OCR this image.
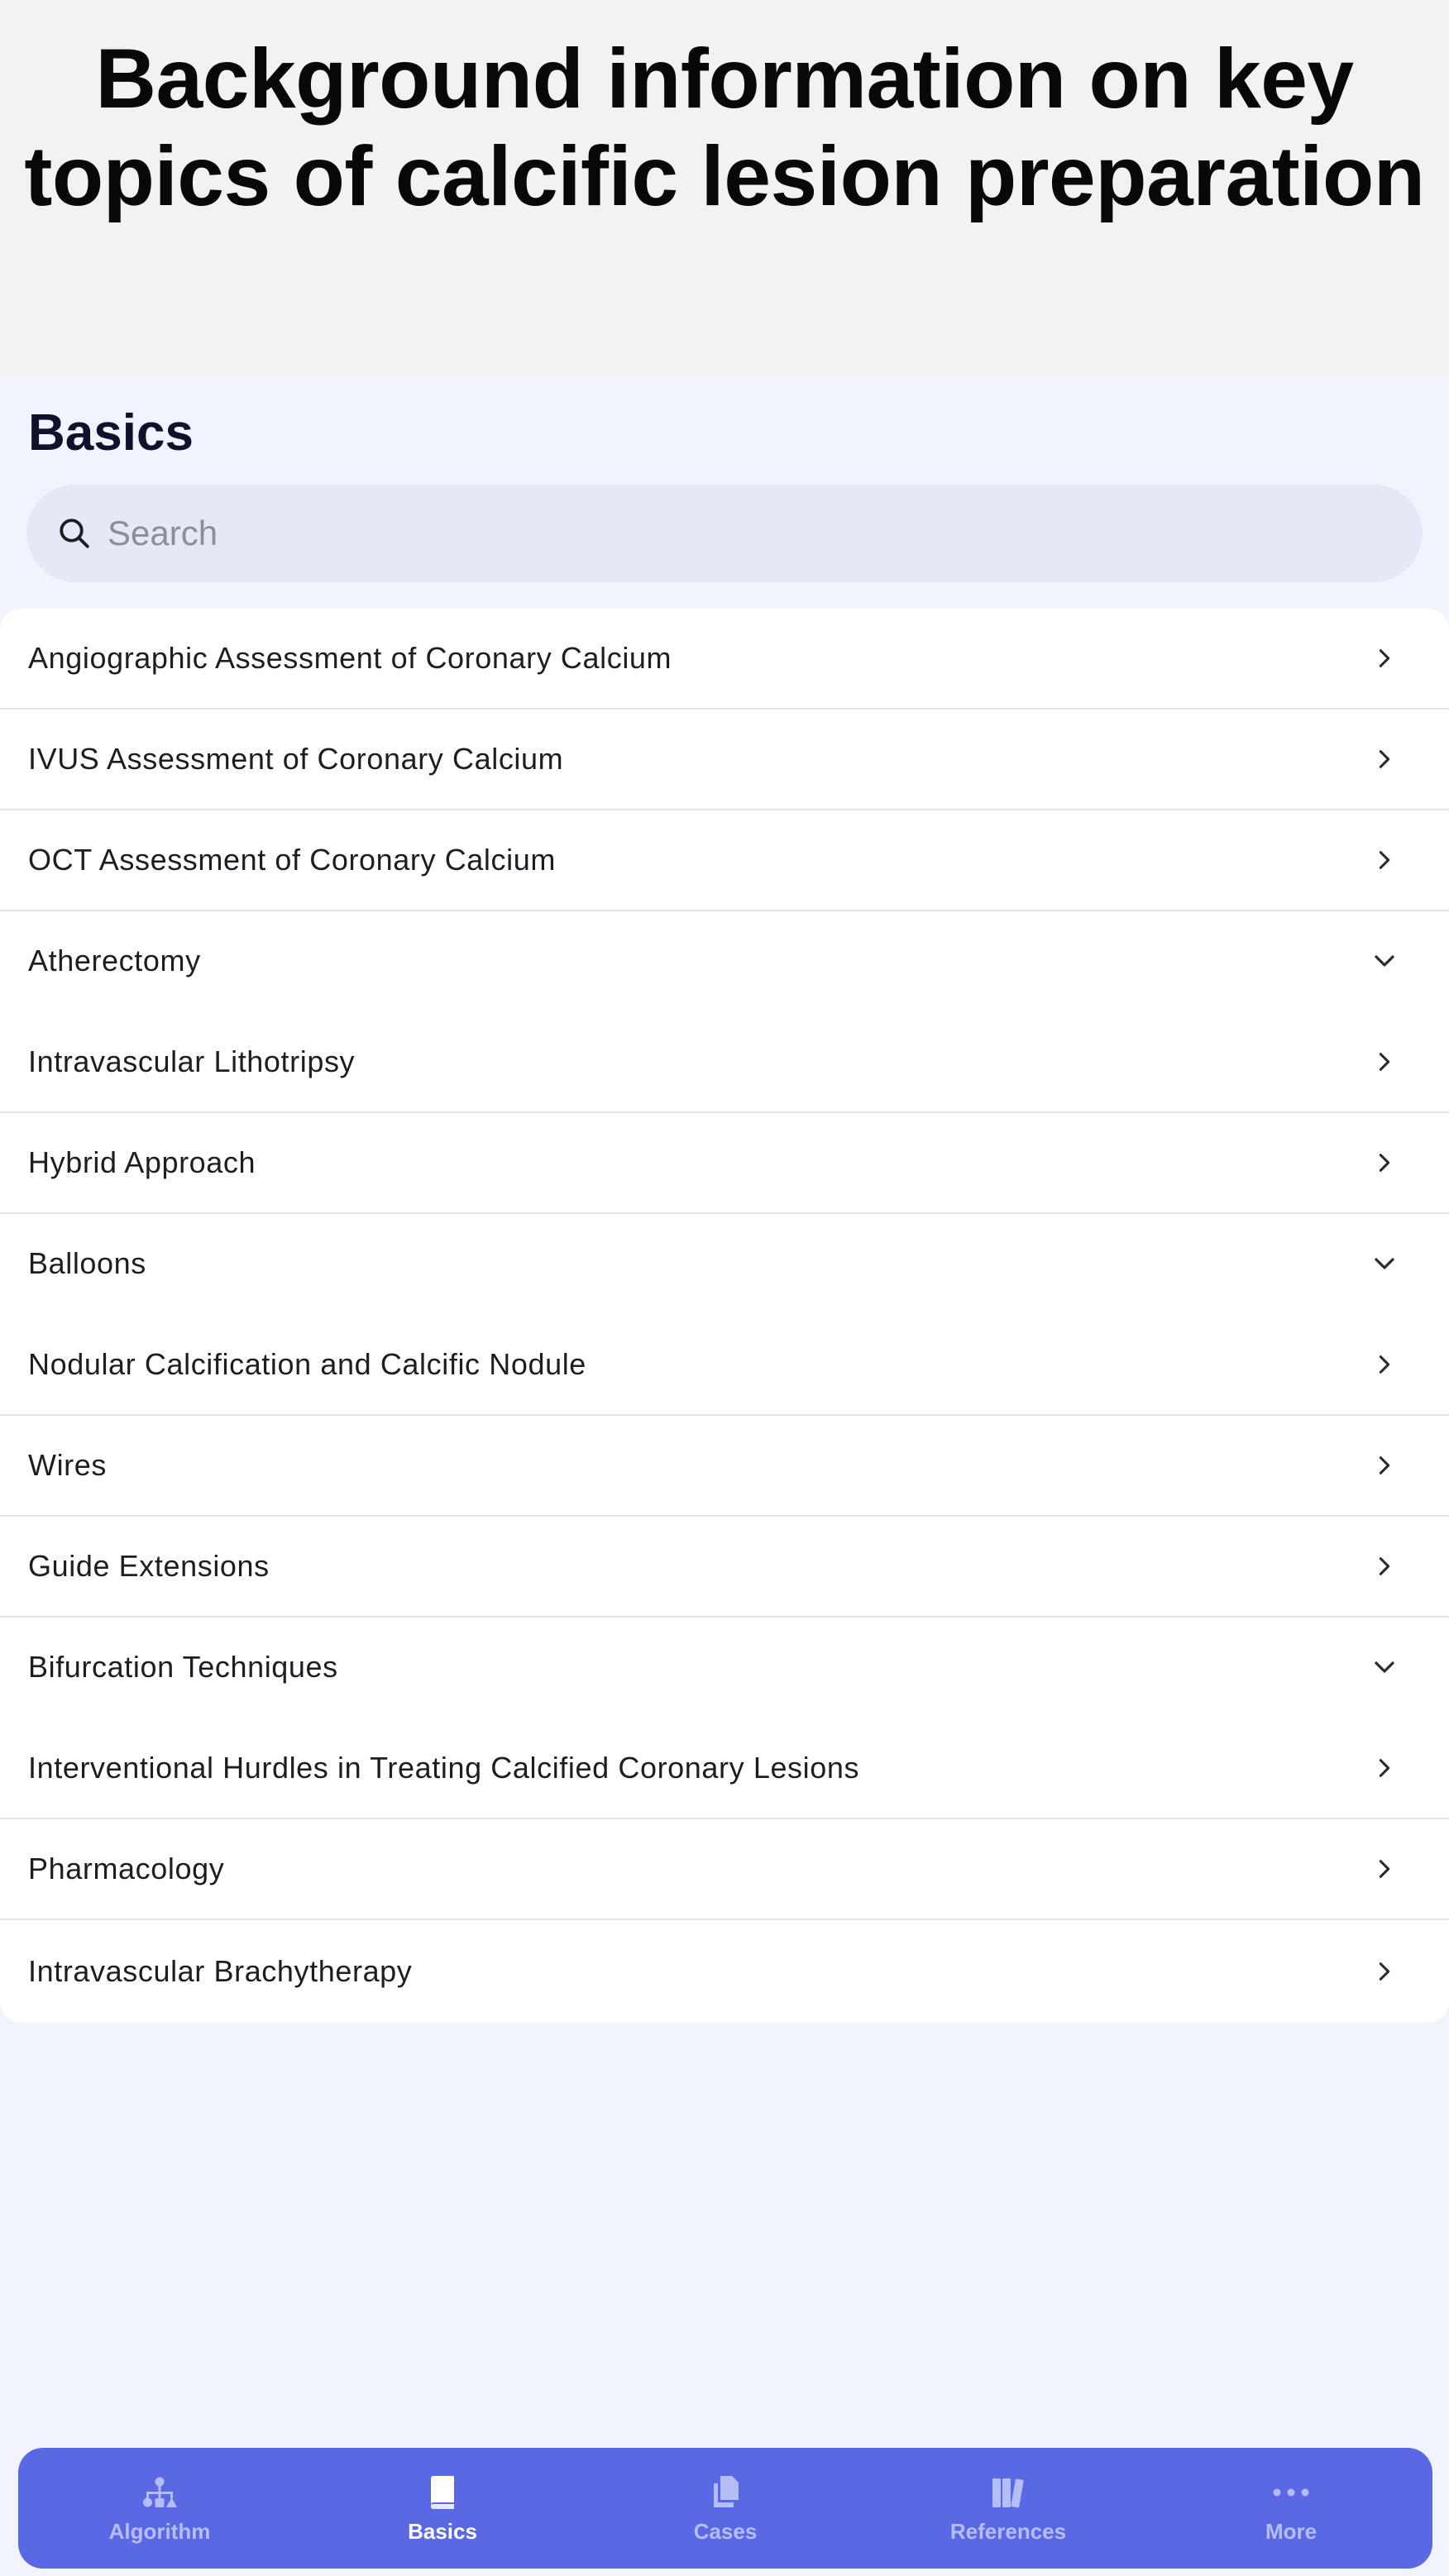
Background information on key topics of calcific lesion preparation
Basics
Search
Angiographic Assessment of Coronary Calcium
IVUS Assessment of Coronary Calcium
OCT Assessment of Coronary Calcium
Atherectomy
Intravascular Lithotripsy
Hybrid Approach
Balloons
Nodular Calcification and Calcific Nodule
Wires
Guide Extensions
Bifurcation Techniques
Interventional Hurdles in Treating Calcified Coronary Lesions
Pharmacology
Intravascular Brachytherapy
Algorithm	Basics	Cases	References	More
